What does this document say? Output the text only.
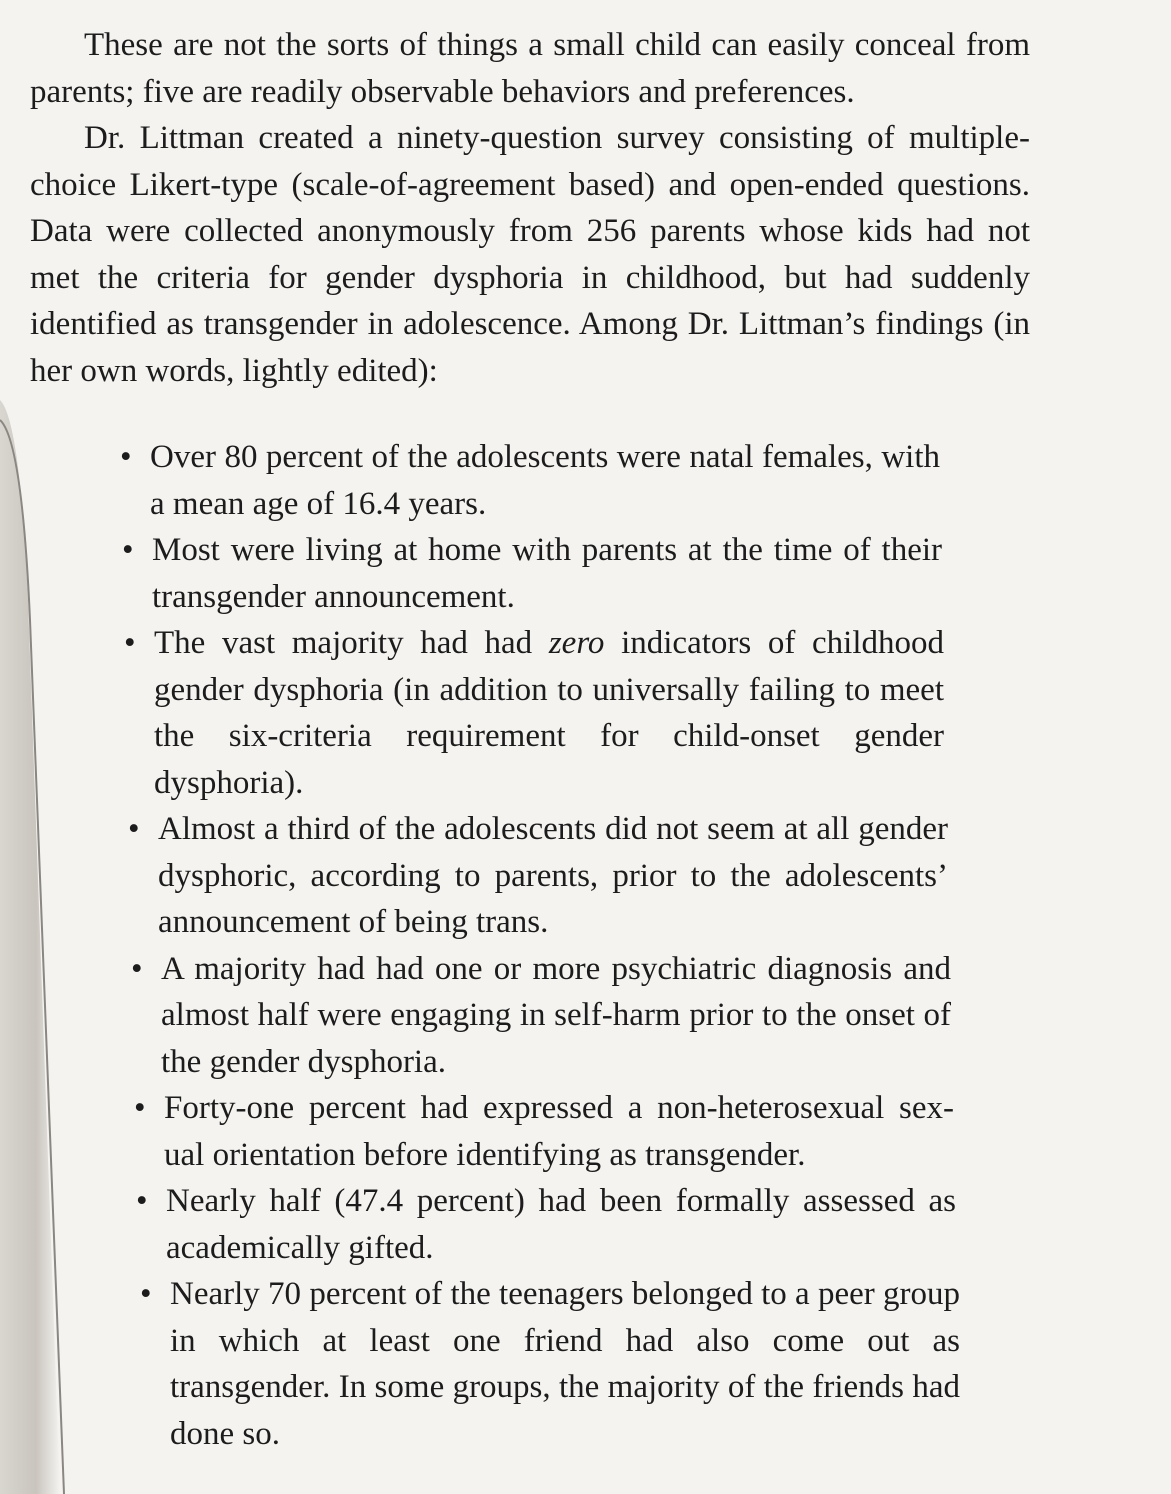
These are not the sorts of things a small child can easily conceal from parents; five are readily observable behaviors and preferences.

Dr. Littman created a ninety-question survey consisting of multiple-choice Likert-type (scale-of-agreement based) and open-ended questions. Data were collected anonymously from 256 parents whose kids had not met the criteria for gender dysphoria in childhood, but had suddenly identified as transgender in adolescence. Among Dr. Littman’s findings (in her own words, lightly edited):

• Over 80 percent of the adolescents were natal females, with a mean age of 16.4 years.
• Most were living at home with parents at the time of their transgender announcement.
• The vast majority had had zero indicators of childhood gender dysphoria (in addition to universally failing to meet the six-criteria requirement for child-onset gender dysphoria).
• Almost a third of the adolescents did not seem at all gender dysphoric, according to parents, prior to the adolescents’ announcement of being trans.
• A majority had had one or more psychiatric diagnosis and almost half were engaging in self-harm prior to the onset of the gender dysphoria.
• Forty-one percent had expressed a non-heterosexual sex-ual orientation before identifying as transgender.
• Nearly half (47.4 percent) had been formally assessed as academically gifted.
• Nearly 70 percent of the teenagers belonged to a peer group in which at least one friend had also come out as transgender. In some groups, the majority of the friends had done so.
